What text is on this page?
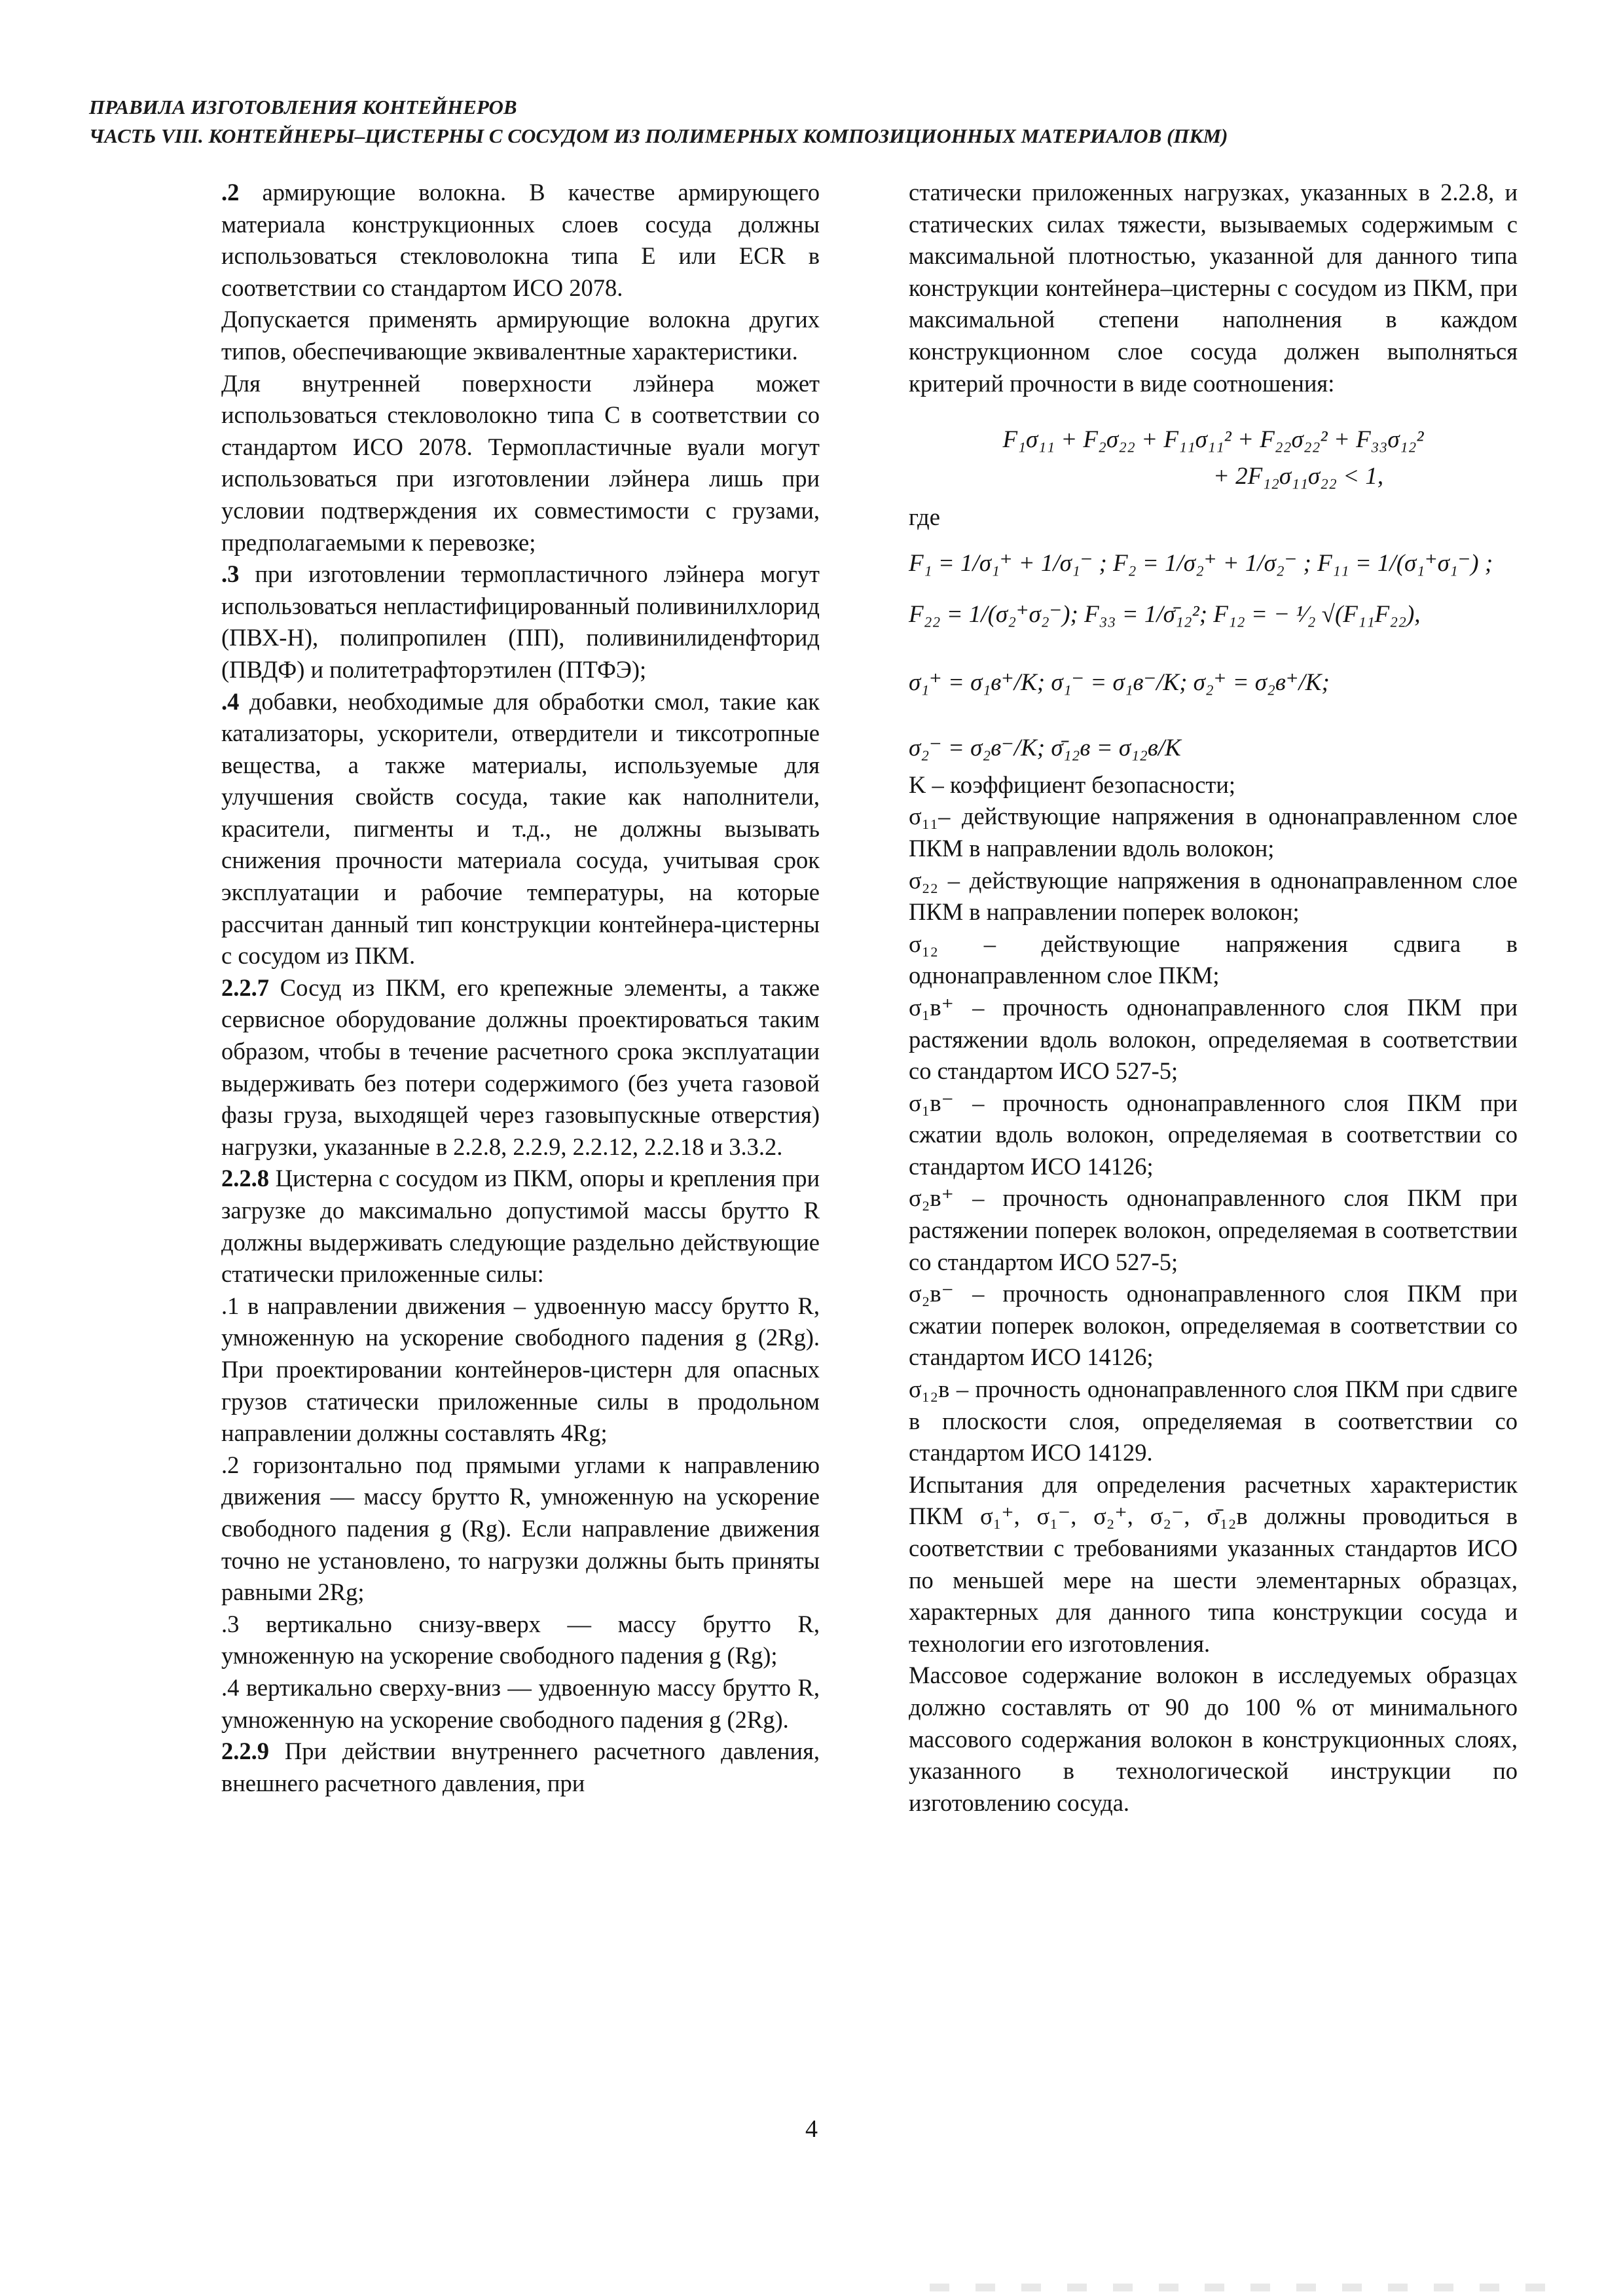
ПРАВИЛА ИЗГОТОВЛЕНИЯ КОНТЕЙНЕРОВ
ЧАСТЬ VIII. КОНТЕЙНЕРЫ–ЦИСТЕРНЫ С СОСУДОМ ИЗ ПОЛИМЕРНЫХ КОМПОЗИЦИОННЫХ МАТЕРИАЛОВ (ПКМ)

.2 армирующие волокна. В качестве армирующего материала конструкционных слоев сосуда должны использоваться стекловолокна типа E или ECR в соответствии со стандартом ИСО 2078.

Допускается применять армирующие волокна других типов, обеспечивающие эквивалентные характеристики.

Для внутренней поверхности лэйнера может использоваться стекловолокно типа C в соответствии со стандартом ИСО 2078. Термопластичные вуали могут использоваться при изготовлении лэйнера лишь при условии подтверждения их совместимости с грузами, предполагаемыми к перевозке;

.3 при изготовлении термопластичного лэйнера могут использоваться непластифицированный поливинилхлорид (ПВХ-Н), полипропилен (ПП), поливинилиденфторид (ПВДФ) и политетрафторэтилен (ПТФЭ);

.4 добавки, необходимые для обработки смол, такие как катализаторы, ускорители, отвердители и тиксотропные вещества, а также материалы, используемые для улучшения свойств сосуда, такие как наполнители, красители, пигменты и т.д., не должны вызывать снижения прочности материала сосуда, учитывая срок эксплуатации и рабочие температуры, на которые рассчитан данный тип конструкции контейнера-цистерны с сосудом из ПКМ.

2.2.7 Сосуд из ПКМ, его крепежные элементы, а также сервисное оборудование должны проектироваться таким образом, чтобы в течение расчетного срока эксплуатации выдерживать без потери содержимого (без учета газовой фазы груза, выходящей через газовыпускные отверстия) нагрузки, указанные в 2.2.8, 2.2.9, 2.2.12, 2.2.18 и 3.3.2.

2.2.8 Цистерна с сосудом из ПКМ, опоры и крепления при загрузке до максимально допустимой массы брутто R должны выдерживать следующие раздельно действующие статически приложенные силы:

.1 в направлении движения – удвоенную массу брутто R, умноженную на ускорение свободного падения g (2Rg). При проектировании контейнеров-цистерн для опасных грузов статически приложенные силы в продольном направлении должны составлять 4Rg;

.2 горизонтально под прямыми углами к направлению движения — массу брутто R, умноженную на ускорение свободного падения g (Rg). Если направление движения точно не установлено, то нагрузки должны быть приняты равными 2Rg;

.3 вертикально снизу-вверх — массу брутто R, умноженную на ускорение свободного падения g (Rg);

.4 вертикально сверху-вниз — удвоенную массу брутто R, умноженную на ускорение свободного падения g (2Rg).

2.2.9 При действии внутреннего расчетного давления, внешнего расчетного давления, при

статически приложенных нагрузках, указанных в 2.2.8, и статических силах тяжести, вызываемых содержимым с максимальной плотностью, указанной для данного типа конструкции контейнера–цистерны с сосудом из ПКМ, при максимальной степени наполнения в каждом конструкционном слое сосуда должен выполняться критерий прочности в виде соотношения:

F₁σ₁₁ + F₂σ₂₂ + F₁₁σ₁₁² + F₂₂σ₂₂² + F₃₃σ₁₂²
+ 2F₁₂σ₁₁σ₂₂ < 1,

где

F₁ = 1/σ₁⁺ + 1/σ₁⁻ ; F₂ = 1/σ₂⁺ + 1/σ₂⁻ ; F₁₁ = 1/(σ₁⁺σ₁⁻) ;
F₂₂ = 1/(σ₂⁺σ₂⁻); F₃₃ = 1/σ̄₁₂²; F₁₂ = − ¹⁄₂ √(F₁₁F₂₂),
σ₁⁺ = σ₁в⁺/K; σ₁⁻ = σ₁в⁻/K; σ₂⁺ = σ₂в⁺/K;
σ₂⁻ = σ₂в⁻/K; σ̄₁₂в = σ₁₂в/K

K – коэффициент безопасности;

σ₁₁– действующие напряжения в однонаправленном слое ПКМ в направлении вдоль волокон;

σ₂₂ – действующие напряжения в однонаправленном слое ПКМ в направлении поперек волокон;

σ₁₂ – действующие напряжения сдвига в однонаправленном слое ПКМ;

σ₁в⁺ – прочность однонаправленного слоя ПКМ при растяжении вдоль волокон, определяемая в соответствии со стандартом ИСО 527-5;

σ₁в⁻ – прочность однонаправленного слоя ПКМ при сжатии вдоль волокон, определяемая в соответствии со стандартом ИСО 14126;

σ₂в⁺ – прочность однонаправленного слоя ПКМ при растяжении поперек волокон, определяемая в соответствии со стандартом ИСО 527-5;

σ₂в⁻ – прочность однонаправленного слоя ПКМ при сжатии поперек волокон, определяемая в соответствии со стандартом ИСО 14126;

σ₁₂в – прочность однонаправленного слоя ПКМ при сдвиге в плоскости слоя, определяемая в соответствии со стандартом ИСО 14129.

Испытания для определения расчетных характеристик ПКМ σ₁⁺, σ₁⁻, σ₂⁺, σ₂⁻, σ̄₁₂в должны проводиться в соответствии с требованиями указанных стандартов ИСО по меньшей мере на шести элементарных образцах, характерных для данного типа конструкции сосуда и технологии его изготовления.

Массовое содержание волокон в исследуемых образцах должно составлять от 90 до 100 % от минимального массового содержания волокон в конструкционных слоях, указанного в технологической инструкции по изготовлению сосуда.

4
